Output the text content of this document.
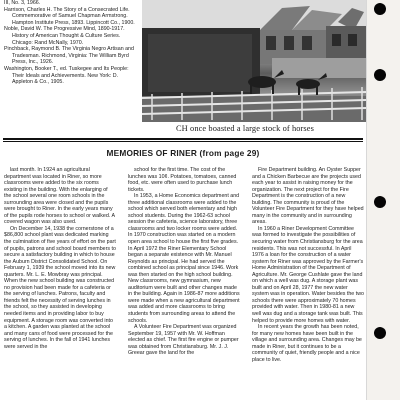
III, No. 3, 1966.

Harrison, Charles H. The Story of a Consecrated Life. Commemorative of Samuel Chapman Armstrong. Hampton Institute Press, 1893. Lippincott Co., 1900.

Noble, David W. The Progressive Mind, 1890-1917. History of American Thought & Culture Series. Chicago: Rand McNally, 1970.

Pinchback, Raymond B. The Virginia Negro Artisan and Tradesman. Richmond, Virginia: The William Byrd Press, Inc., 1926.

Washington, Booker T., ed. Tuskegee and Its People: Their Ideals and Achievements. New York: D. Appleton & Co., 1905.

CH once boasted a large stock of horses
MEMORIES OF RINER (from page 29)

last month. In 1924 an agricultural department was located in Riner, so more classrooms were added to the six rooms existing in the building. With the enlarging of the school several one room schools in the surrounding area were closed and the pupils were brought to Riner. In the early years many of the pupils rode horses to school or walked. A covered wagon was also used.

On December 14, 1938 the cornerstone of a $86,800 school plant was dedicated marking the culmination of five years of effort on the part of pupils, patrons and school board members to secure a satisfactory building in which to house the Auburn District Consolidated School. On February 1, 1939 the school moved into its new quarters. Mr. L. E. Mowbray was principal. When the new school building was constructed no provision had been made for a cafeteria or the serving of lunches. Patrons, faculty and friends felt the necessity of serving lunches in the school, so they assisted in developing needed items and in providing labor to buy equipment. A storage room was converted into a kitchen. A garden was planted at the school and many cans of food were processed for the serving of lunches. In the fall of 1941 lunches were served in the

school for the first time. The cost of the lunches was 10¢. Potatoes, tomatoes, canned food, etc. were often used to purchase lunch tickets.

In 1953, a Home Economics department and three additional classrooms were added to the school which served both elementary and high school students. During the 1962-63 school session the cafeteria, science laboratory, three classrooms and two locker rooms were added. In 1970 construction was started on a modern open area school to house the first five grades. In April 1972 the Riner Elementary School began a separate existence with Mr. Manuel Reynolds as principal. He had served the combined school as principal since 1946. Work was then started on the high school building. New classrooms, new gymnasium, new auditorium were built and other changes made in the building. Again in 1986-87 more additions were made when a new agricultural department was added and more classrooms to bring students from surrounding areas to attend the schools.

A Volunteer Fire Department was organized September 19, 1957 with Mr. W. Hoffman elected as chief. The first fire engine or pumper was obtained from Christiansburg. Mr. J. J. Greear gave the land for the

Fire Department building. An Oyster Supper and a Chicken Barbecue are the projects used each year to assist in raising money for the organization. The next project for the Fire Department is the construction of a new building. The community is proud of the Volunteer Fire Department for they have helped many in the community and in surrounding areas.

In 1960 a Riner Development Committee was formed to investigate the possibilities of securing water from Christiansburg for the area residents. This was not successful. In April 1976 a loan for the construction of a water system for Riner was approved by the Farmer's Home Administration of the Department of Agriculture. Mr. George Cushlate gave the land on which a well was dug. A storage plant was built and on April 28, 1977 the new water system was in operation. Water besides the two schools there were approximately 70 homes provided with water. Then in 1980-81 a new well was dug and a storage tank was built. This helped to provide more homes with water.

In recent years the growth has been noted, for many new homes have been built in the village and surrounding area. Changes may be made in Riner, but it continues to be a community of quiet, friendly people and a nice place to live.
